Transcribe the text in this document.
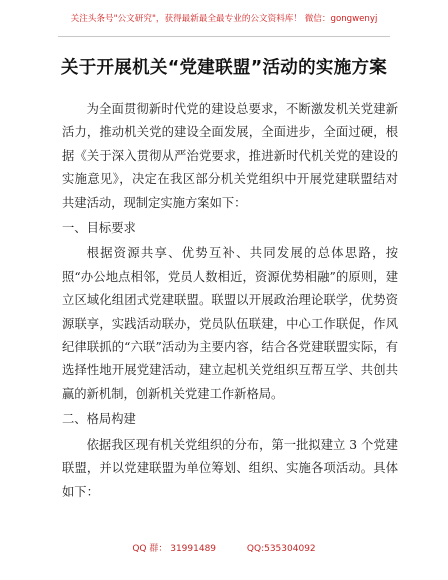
关注头条号"公文研究"，获得最新最全最专业的公文资料库！ 微信：gongwenyj
关于开展机关“党建联盟”活动的实施方案

为全面贯彻新时代党的建设总要求，不断激发机关党建新活力，推动机关党的建设全面发展，全面进步，全面过硬，根据《关于深入贯彻从严治党要求，推进新时代机关党的建设的实施意见》，决定在我区部分机关党组织中开展党建联盟结对共建活动，现制定实施方案如下：

一、目标要求

根据资源共享、优势互补、共同发展的总体思路，按照“办公地点相邻，党员人数相近，资源优势相融”的原则，建立区域化组团式党建联盟。联盟以开展政治理论联学，优势资源联享，实践活动联办，党员队伍联建，中心工作联促，作风纪律联抓的“六联”活动为主要内容，结合各党建联盟实际，有选择性地开展党建活动，建立起机关党组织互帮互学、共创共赢的新机制，创新机关党建工作新格局。

二、格局构建

依据我区现有机关党组织的分布，第一批拟建立 3 个党建联盟，并以党建联盟为单位筹划、组织、实施各项活动。具体如下：

QQ 群： 31991489	QQ:535304092
